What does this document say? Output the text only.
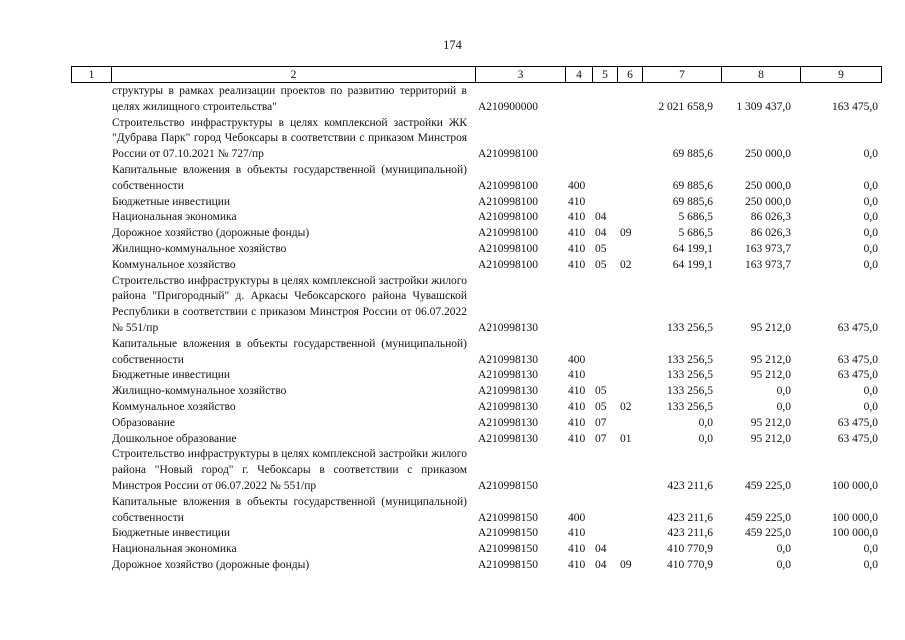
174
1	2	3	4	5	6	7	8	9
структуры в рамках реализации проектов по развитию территорий в целях жилищного строительства"	A210900000				2 021 658,9	1 309 437,0	163 475,0
Строительство инфраструктуры в целях комплексной застройки ЖК "Дубрава Парк" город Чебоксары в соответствии с приказом Минстроя России от 07.10.2021 № 727/пр	A210998100				69 885,6	250 000,0	0,0
Капитальные вложения в объекты государственной (муниципальной) собственности	A210998100	400			69 885,6	250 000,0	0,0
Бюджетные инвестиции	A210998100	410			69 885,6	250 000,0	0,0
Национальная экономика	A210998100	410	04		5 686,5	86 026,3	0,0
Дорожное хозяйство (дорожные фонды)	A210998100	410	04	09	5 686,5	86 026,3	0,0
Жилищно-коммунальное хозяйство	A210998100	410	05		64 199,1	163 973,7	0,0
Коммунальное хозяйство	A210998100	410	05	02	64 199,1	163 973,7	0,0
Строительство инфраструктуры в целях комплексной застройки жилого района "Пригородный" д. Аркасы Чебоксарского района Чувашской Республики в соответствии с приказом Минстроя России от 06.07.2022 № 551/пр	A210998130				133 256,5	95 212,0	63 475,0
Капитальные вложения в объекты государственной (муниципальной) собственности	A210998130	400			133 256,5	95 212,0	63 475,0
Бюджетные инвестиции	A210998130	410			133 256,5	95 212,0	63 475,0
Жилищно-коммунальное хозяйство	A210998130	410	05		133 256,5	0,0	0,0
Коммунальное хозяйство	A210998130	410	05	02	133 256,5	0,0	0,0
Образование	A210998130	410	07		0,0	95 212,0	63 475,0
Дошкольное образование	A210998130	410	07	01	0,0	95 212,0	63 475,0
Строительство инфраструктуры в целях комплексной застройки жилого района "Новый город" г. Чебоксары в соответствии с приказом Минстроя России от 06.07.2022 № 551/пр	A210998150				423 211,6	459 225,0	100 000,0
Капитальные вложения в объекты государственной (муниципальной) собственности	A210998150	400			423 211,6	459 225,0	100 000,0
Бюджетные инвестиции	A210998150	410			423 211,6	459 225,0	100 000,0
Национальная экономика	A210998150	410	04		410 770,9	0,0	0,0
Дорожное хозяйство (дорожные фонды)	A210998150	410	04	09	410 770,9	0,0	0,0
